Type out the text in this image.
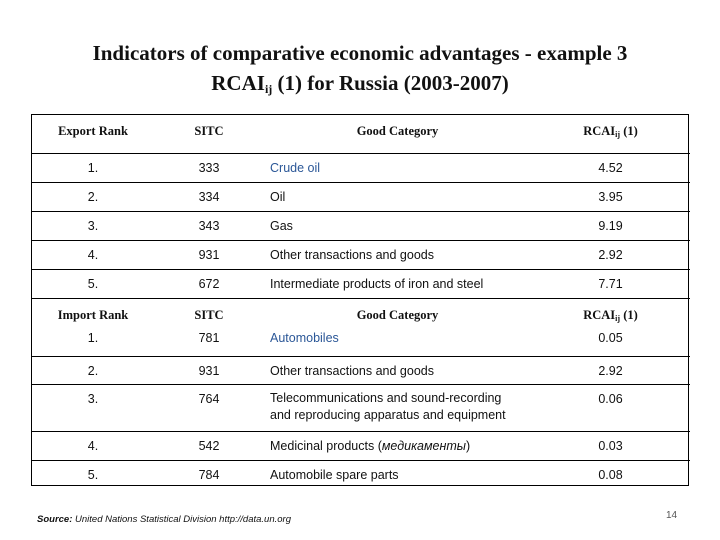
Indicators of comparative economic advantages - example 3
$RCAI_{ij}$ (1) for Russia (2003-2007)
Export Rank	SITC	Good Category	$RCAI_{ij}$ (1)

1.	333	Crude oil	4.52

2.	334	Oil	3.95

3.	343	Gas	9.19

4.	931	Other transactions and goods	2.92

5.	672	Intermediate products of iron and steel	7.71

Import Rank	SITC	Good Category	$RCAI_{ij}$ (1)

1.	781	Automobiles	0.05

2.	931	Other transactions and goods	2.92

3.	764	Telecommunications and sound-recording
and reproducing apparatus and equipment	0.06

4.	542	Medicinal products (медикаменты)	0.03

5.	784	Automobile spare parts	0.08
Source: United Nations Statistical Division http://data.un.org	14
